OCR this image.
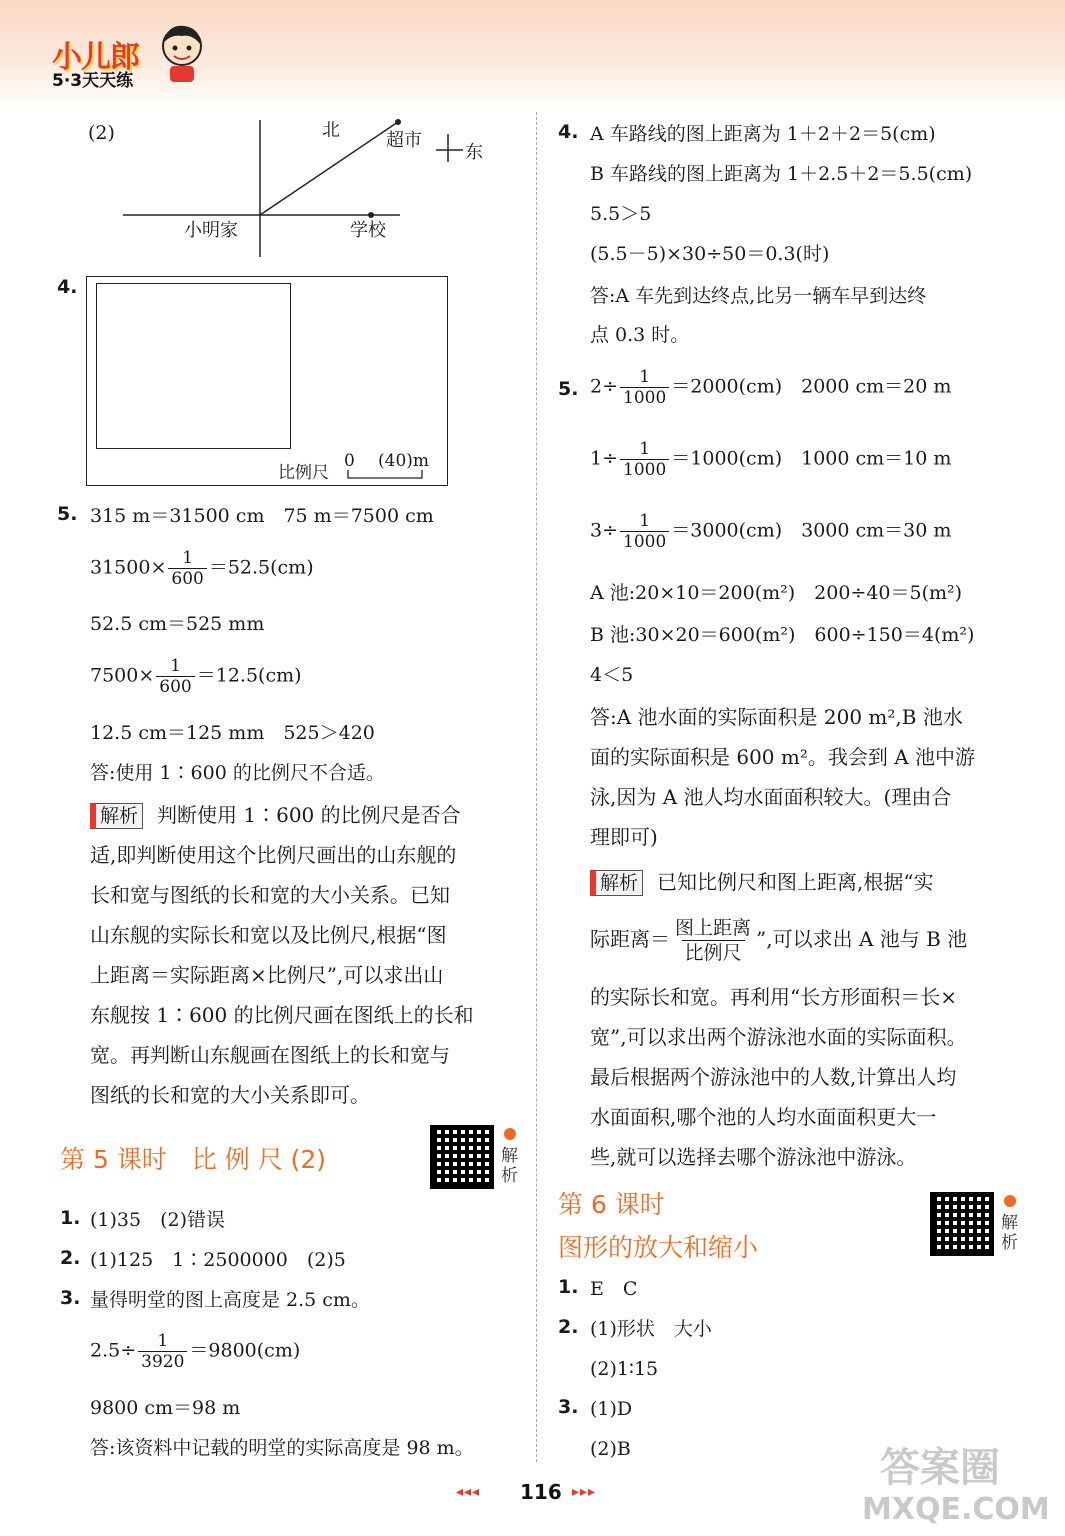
小儿郎
5·3天天练
(2)	北
东
超市
小明家	学校
4.
比例尺
0 (40)m
5. 315 m＝31500 cm　75 m＝7500 cm
$31500\times \frac{1}{600} =52.5(cm)$
52.5 cm＝525 mm
$7500\times \frac{1}{600} =12.5(cm)$
12.5 cm＝125 mm　525＞420
答:使用 1∶600 的比例尺不合适。
解析 判断使用 1∶600 的比例尺是否合
适,即判断使用这个比例尺画出的山东舰的
长和宽与图纸的长和宽的大小关系。已知
山东舰的实际长和宽以及比例尺,根据“图
上距离＝实际距离×比例尺”,可以求出山
东舰按 1∶600 的比例尺画在图纸上的长和
宽。再判断山东舰画在图纸上的长和宽与
图纸的长和宽的大小关系即可。
第 5 课时　比 例 尺 (2)	解析
1. (1)35　(2)错误
2. (1)125　1∶2500000　(2)5
3. 量得明堂的图上高度是 2.5 cm。
$2.5\div \frac{1}{3920} =9800(cm)$
9800 cm＝98 m
答:该资料中记载的明堂的实际高度是 98 m。
4. A 车路线的图上距离为 1＋2＋2＝5(cm)
B 车路线的图上距离为 1＋2.5＋2＝5.5(cm)
5.5＞5
(5.5－5)×30÷50＝0.3(时)
答:A 车先到达终点,比另一辆车早到达终
点 0.3 时。
5. $2\div \frac{1}{1000} =2000(cm)$　2000 cm＝20 m
$1\div \frac{1}{1000} =1000(cm)$　1000 cm＝10 m
$3\div \frac{1}{1000} =3000(cm)$　3000 cm＝30 m
A 池:20×10＝200(m²)　200÷40＝5(m²)
B 池:30×20＝600(m²)　600÷150＝4(m²)
4＜5
答:A 池水面的实际面积是 200 m²,B 池水
面的实际面积是 600 m²。我会到 A 池中游
泳,因为 A 池人均水面面积较大。(理由合
理即可)
解析 已知比例尺和图上距离,根据“实
际距离＝ $\frac{\text{图上距离}}{\text{比例尺}}$ ”,可以求出 A 池与 B 池
的实际长和宽。再利用“长方形面积＝长×
宽”,可以求出两个游泳池水面的实际面积。
最后根据两个游泳池中的人数,计算出人均
水面面积,哪个池的人均水面面积更大一
些,就可以选择去哪个游泳池中游泳。
第 6 课时
图形的放大和缩小
解析
1. E　C
2. (1)形状　大小
(2)1∶15
3. (1)D
(2)B
◂◂◂ 116 ▸▸▸
答案圈
MXQE.COM
